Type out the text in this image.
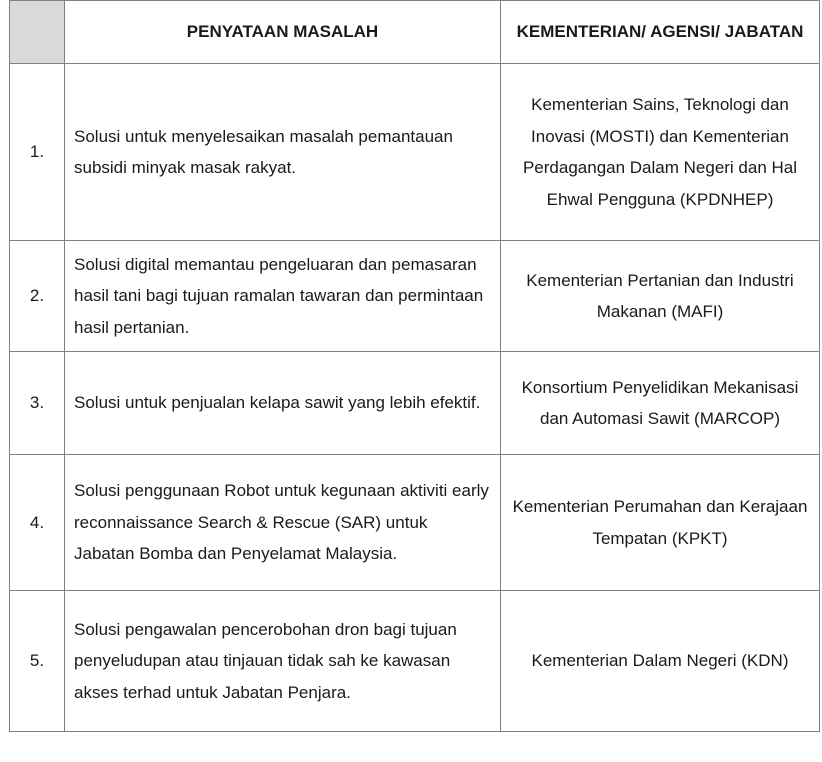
	PENYATAAN MASALAH	KEMENTERIAN/ AGENSI/ JABATAN
1.	Solusi untuk menyelesaikan masalah pemantauan subsidi minyak masak rakyat.	Kementerian Sains, Teknologi dan Inovasi (MOSTI) dan Kementerian Perdagangan Dalam Negeri dan Hal Ehwal Pengguna (KPDNHEP)
2.	Solusi digital memantau pengeluaran dan pemasaran hasil tani bagi tujuan ramalan tawaran dan permintaan hasil pertanian.	Kementerian Pertanian dan Industri Makanan (MAFI)
3.	Solusi untuk penjualan kelapa sawit yang lebih efektif.	Konsortium Penyelidikan Mekanisasi dan Automasi Sawit (MARCOP)
4.	Solusi penggunaan Robot untuk kegunaan aktiviti early reconnaissance Search & Rescue (SAR) untuk Jabatan Bomba dan Penyelamat Malaysia.	Kementerian Perumahan dan Kerajaan Tempatan (KPKT)
5.	Solusi pengawalan pencerobohan dron bagi tujuan penyeludupan atau tinjauan tidak sah ke kawasan akses terhad untuk Jabatan Penjara.	Kementerian Dalam Negeri (KDN)
